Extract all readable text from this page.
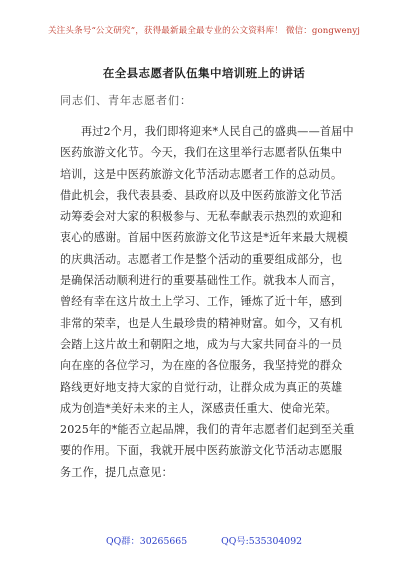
关注头条号“公文研究”，获得最新最全最专业的公文资料库！ 微信：gongwenyj
在全县志愿者队伍集中培训班上的讲话
同志们、青年志愿者们：
再过2个月，我们即将迎来*人民自己的盛典——首届中
医药旅游文化节。今天，我们在这里举行志愿者队伍集中
培训，这是中医药旅游文化节活动志愿者工作的总动员。
借此机会，我代表县委、县政府以及中医药旅游文化节活
动筹委会对大家的积极参与、无私奉献表示热烈的欢迎和
衷心的感谢。首届中医药旅游文化节这是*近年来最大规模
的庆典活动。志愿者工作是整个活动的重要组成部分，也
是确保活动顺利进行的重要基础性工作。就我本人而言，
曾经有幸在这片故土上学习、工作，锤炼了近十年，感到
非常的荣幸，也是人生最珍贵的精神财富。如今，又有机
会踏上这片故土和朝阳之地，成为与大家共同奋斗的一员
向在座的各位学习，为在座的各位服务，我坚持党的群众
路线更好地支持大家的自觉行动，让群众成为真正的英雄
成为创造*美好未来的主人，深感责任重大、使命光荣。
2025年的*能否立起品牌，我们的青年志愿者们起到至关重
要的作用。下面，我就开展中医药旅游文化节活动志愿服
务工作，提几点意见：
QQ群：30265665	QQ号:535304092
